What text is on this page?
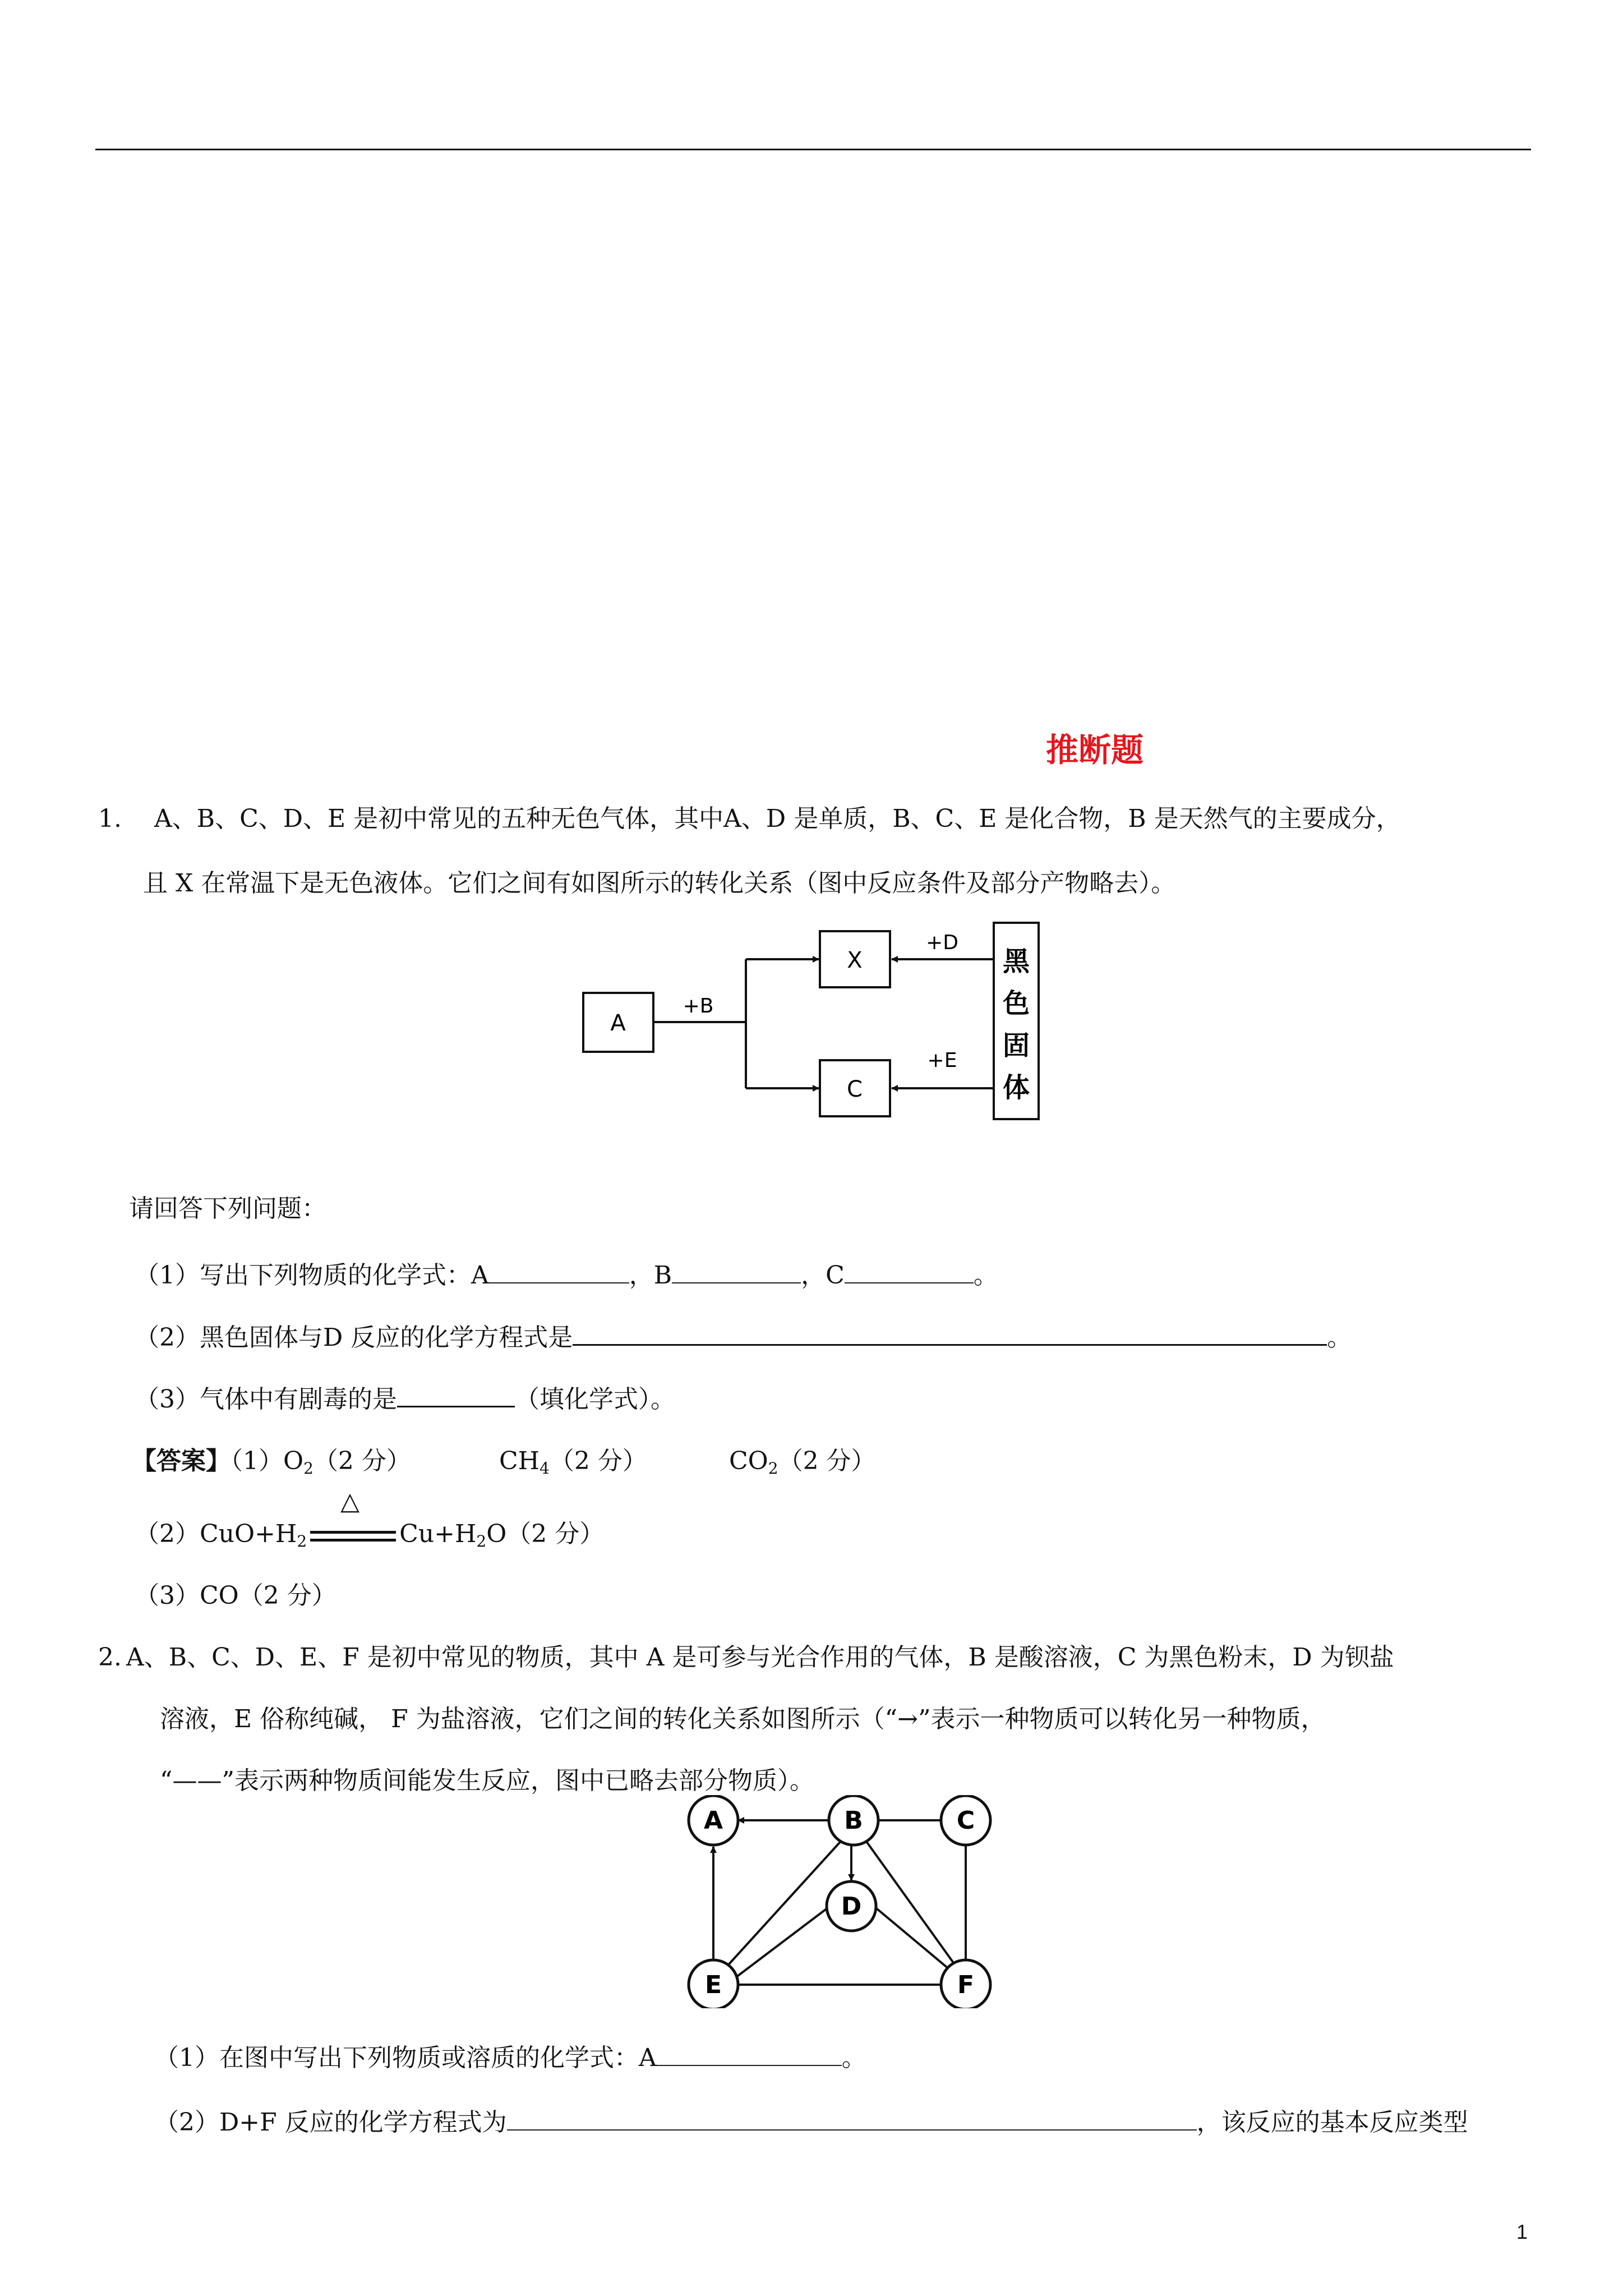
推断题
1. A、B、C、D、E 是初中常见的五种无色气体，其中A、D 是单质，B、C、E 是化合物，B 是天然气的主要成分，
且 X 在常温下是无色液体。它们之间有如图所示的转化关系（图中反应条件及部分产物略去）。
A
+B
X
C
+D
+E
黑
色
固
体
请回答下列问题：
（1）写出下列物质的化学式：A	，B	，C	。
（2）黑色固体与D 反应的化学方程式是	。
（3）气体中有剧毒的是	（填化学式）。
【答案】$(1)O_2(2$ 分）	$CH_4(2$ 分）	$CO_2(2$ 分）
$(2)CuO+H_2$
△
$Cu+H_2O(2$ 分）
（3）CO（2 分）
2. A、B、C、D、E、F 是初中常见的物质，其中 A 是可参与光合作用的气体，B 是酸溶液，C 为黑色粉末，D 为钡盐
溶液，E 俗称纯碱， F 为盐溶液，它们之间的转化关系如图所示（“→”表示一种物质可以转化另一种物质，
“——”表示两种物质间能发生反应，图中已略去部分物质）。
A	B	C
D
E	F
（1）在图中写出下列物质或溶质的化学式：A	。
（2）D+F 反应的化学方程式为	，该反应的基本反应类型
1
